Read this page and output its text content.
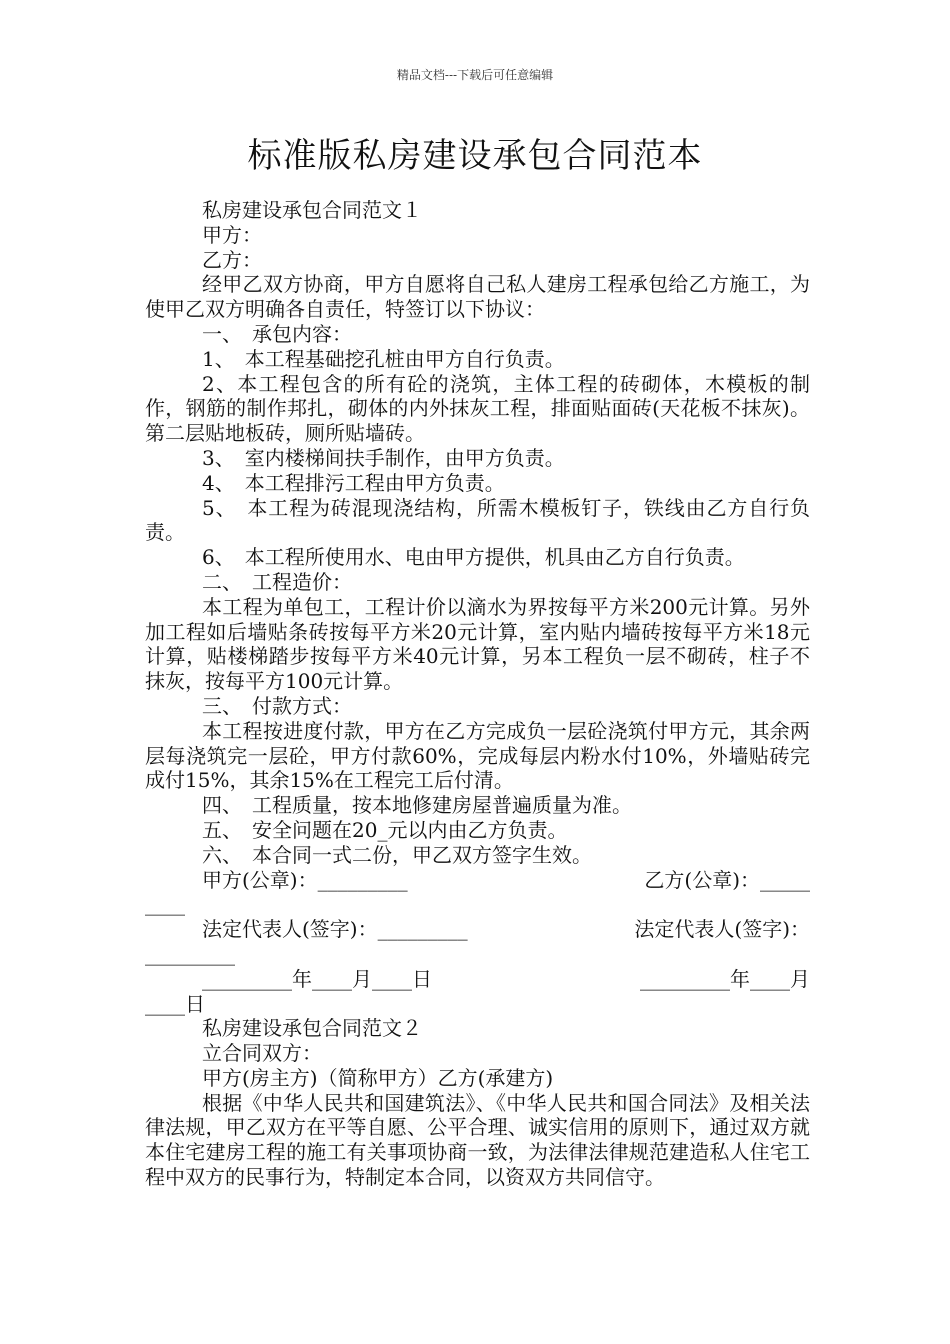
精品文档---下载后可任意编辑
标准版私房建设承包合同范本

私房建设承包合同范文１

甲方：

乙方：

经甲乙双方协商，甲方自愿将自己私人建房工程承包给乙方施工，为使甲乙双方明确各自责任，特签订以下协议：

一、　承包内容：

1、　本工程基础挖孔桩由甲方自行负责。

2、本工程包含的所有砼的浇筑，主体工程的砖砌体，木模板的制作，钢筋的制作邦扎，砌体的内外抹灰工程，排面贴面砖(天花板不抹灰)。第二层贴地板砖，厕所贴墙砖。

3、　室内楼梯间扶手制作，由甲方负责。

4、　本工程排污工程由甲方负责。

5、　本工程为砖混现浇结构，所需木模板钉子，铁线由乙方自行负责。

6、　本工程所使用水、电由甲方提供，机具由乙方自行负责。

二、　工程造价：

本工程为单包工，工程计价以滴水为界按每平方米200元计算。另外加工程如后墙贴条砖按每平方米20元计算，室内贴内墙砖按每平方米18元计算，贴楼梯踏步按每平方米40元计算，另本工程负一层不砌砖，柱子不抹灰，按每平方100元计算。

三、　付款方式：

本工程按进度付款，甲方在乙方完成负一层砼浇筑付甲方元，其余两层每浇筑完一层砼，甲方付款60%，完成每层内粉水付10%，外墙贴砖完成付15%，其余15%在工程完工后付清。

四、　工程质量，按本地修建房屋普遍质量为准。

五、　安全问题在20_元以内由乙方负责。

六、　本合同一式二份，甲乙双方签字生效。

甲方(公章)：_________	乙方(公章)：_____
____
法定代表人(签字)：_________	法定代表人(签字)：
_________
_________年____月____日	_________年____月
____日

私房建设承包合同范文２

立合同双方：

甲方(房主方)（简称甲方）乙方(承建方)

根据《中华人民共和国建筑法》、《中华人民共和国合同法》及相关法律法规，甲乙双方在平等自愿、公平合理、诚实信用的原则下，通过双方就本住宅建房工程的施工有关事项协商一致，为法律法律规范建造私人住宅工程中双方的民事行为，特制定本合同，以资双方共同信守。
